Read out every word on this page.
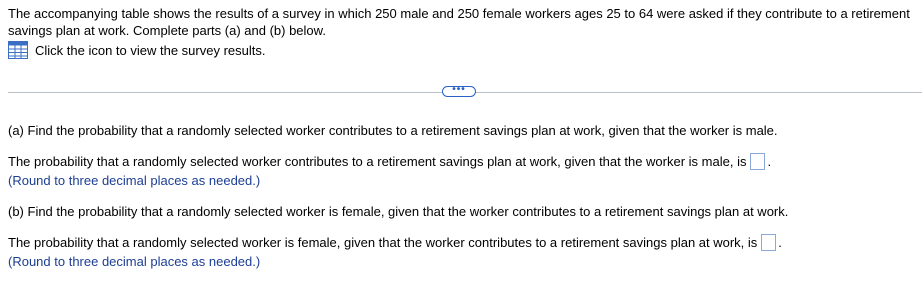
The accompanying table shows the results of a survey in which 250 male and 250 female workers ages 25 to 64 were asked if they contribute to a retirement savings plan at work. Complete parts (a) and (b) below.
Click the icon to view the survey results.
•••
(a) Find the probability that a randomly selected worker contributes to a retirement savings plan at work, given that the worker is male.
The probability that a randomly selected worker contributes to a retirement savings plan at work, given that the worker is male, is .
(Round to three decimal places as needed.)
(b) Find the probability that a randomly selected worker is female, given that the worker contributes to a retirement savings plan at work.
The probability that a randomly selected worker is female, given that the worker contributes to a retirement savings plan at work, is .
(Round to three decimal places as needed.)
